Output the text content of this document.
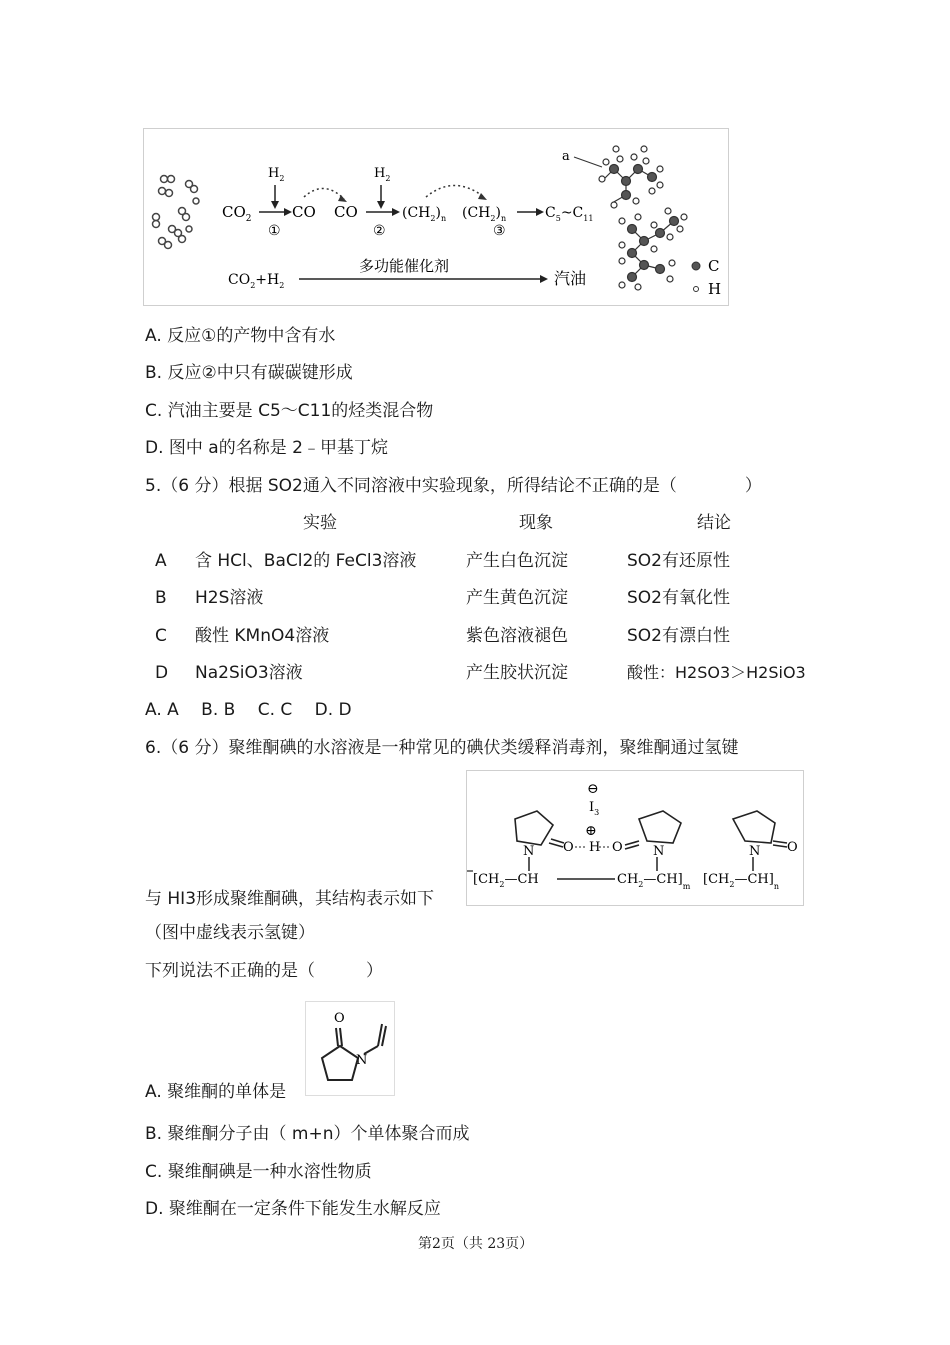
$CO_2$
$H_2$
①
CO CO
$H_2$
②
$(CH_2)_n$ $(CH_2)_n$
③
$C_5\sim C_{11}$
$CO_2+H_2$
多功能催化剂
汽油
a
C
H
A. 反应①的产物中含有水
B. 反应②中只有碳碳键形成
C. 汽油主要是 C5～C11的烃类混合物
D. 图中 a的名称是 2﹣甲基丁烷
5.（6 分）根据 SO2通入不同溶液中实验现象，所得结论不正确的是（　　　　）
实验	现象	结论
A 含 HCl、BaCl2的 FeCl3溶液	产生白色沉淀	SO2有还原性
B H2S溶液	产生黄色沉淀	SO2有氧化性
C 酸性 KMnO4溶液	紫色溶液褪色	SO2有漂白性
D Na2SiO3溶液	产生胶状沉淀	酸性：H2SO3＞H2SiO3
A. A　 B. B　 C. C　 D. D
6.（6 分）聚维酮碘的水溶液是一种常见的碘伏类缓释消毒剂，聚维酮通过氢键
⊖
$I_3$
⊕
N O H O N	N O
[$CH_2—CH$	$CH_2—CH]_m$ $[CH_2—CH]_n$
与 HI3形成聚维酮碘，其结构表示如下
（图中虚线表示氢键）
下列说法不正确的是（　　　）
O
N
A. 聚维酮的单体是
B. 聚维酮分子由（ m+n）个单体聚合而成
C. 聚维酮碘是一种水溶性物质
D. 聚维酮在一定条件下能发生水解反应
第2页（共 23页）
